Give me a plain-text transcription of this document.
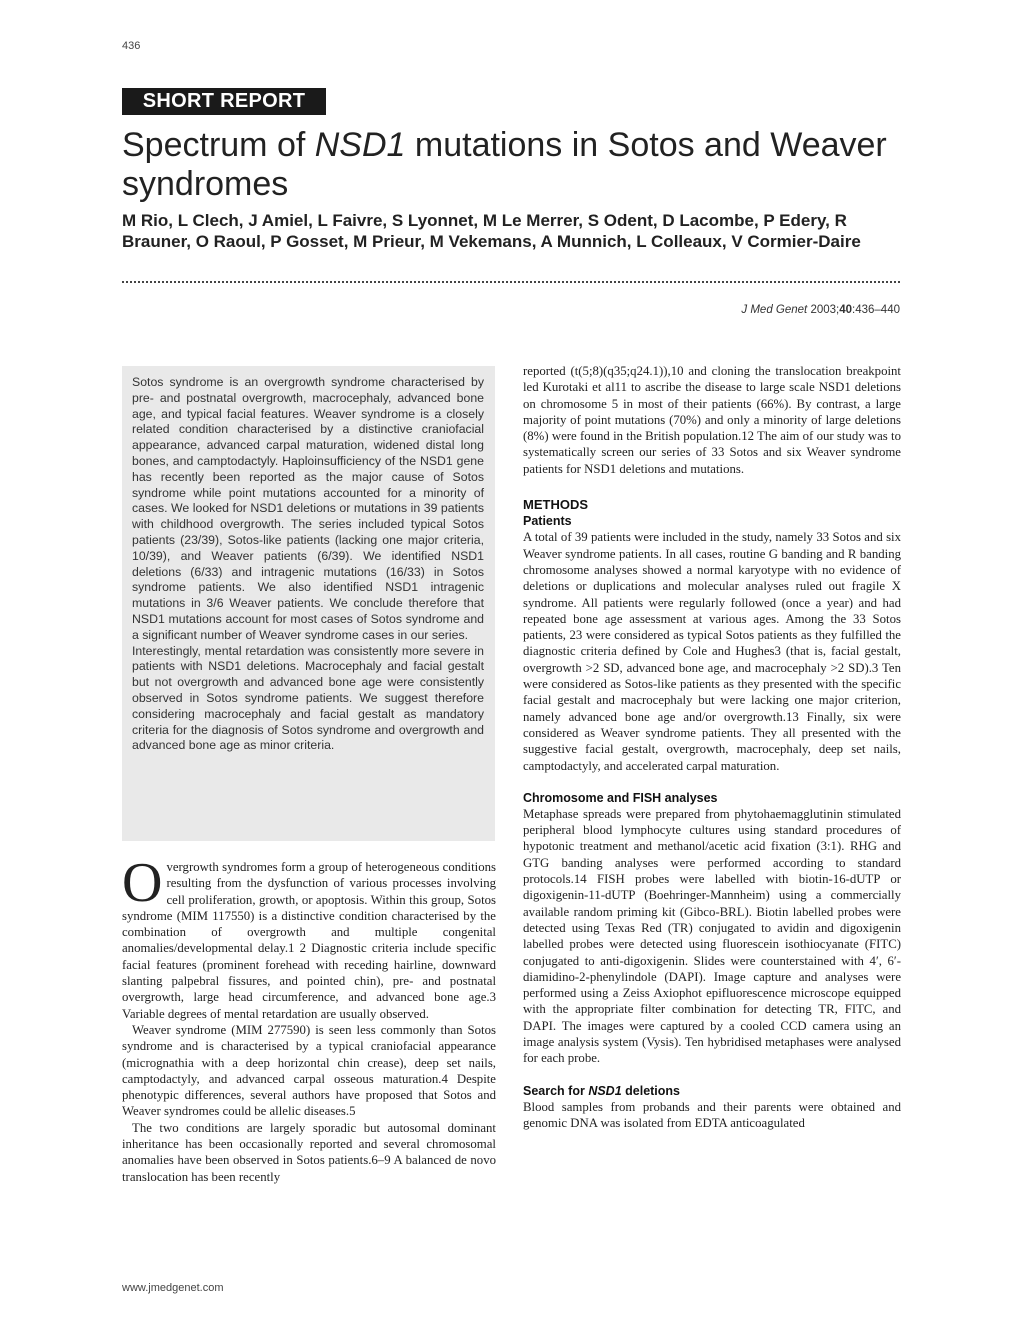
436
SHORT REPORT
Spectrum of NSD1 mutations in Sotos and Weaver syndromes
M Rio, L Clech, J Amiel, L Faivre, S Lyonnet, M Le Merrer, S Odent, D Lacombe, P Edery, R Brauner, O Raoul, P Gosset, M Prieur, M Vekemans, A Munnich, L Colleaux, V Cormier-Daire
J Med Genet 2003;40:436–440

Sotos syndrome is an overgrowth syndrome characterised by pre- and postnatal overgrowth, macrocephaly, advanced bone age, and typical facial features. Weaver syndrome is a closely related condition characterised by a distinctive craniofacial appearance, advanced carpal maturation, widened distal long bones, and camptodactyly. Haploinsufficiency of the NSD1 gene has recently been reported as the major cause of Sotos syndrome while point mutations accounted for a minority of cases. We looked for NSD1 deletions or mutations in 39 patients with childhood overgrowth. The series included typical Sotos patients (23/39), Sotos-like patients (lacking one major criteria, 10/39), and Weaver patients (6/39). We identified NSD1 deletions (6/33) and intragenic mutations (16/33) in Sotos syndrome patients. We also identified NSD1 intragenic mutations in 3/6 Weaver patients. We conclude therefore that NSD1 mutations account for most cases of Sotos syndrome and a significant number of Weaver syndrome cases in our series.

Interestingly, mental retardation was consistently more severe in patients with NSD1 deletions. Macrocephaly and facial gestalt but not overgrowth and advanced bone age were consistently observed in Sotos syndrome patients. We suggest therefore considering macrocephaly and facial gestalt as mandatory criteria for the diagnosis of Sotos syndrome and overgrowth and advanced bone age as minor criteria.

Overgrowth syndromes form a group of heterogeneous conditions resulting from the dysfunction of various processes involving cell proliferation, growth, or apoptosis. Within this group, Sotos syndrome (MIM 117550) is a distinctive condition characterised by the combination of overgrowth and multiple congenital anomalies/developmental delay.1 2 Diagnostic criteria include specific facial features (prominent forehead with receding hairline, downward slanting palpebral fissures, and pointed chin), pre- and postnatal overgrowth, large head circumference, and advanced bone age.3 Variable degrees of mental retardation are usually observed.

Weaver syndrome (MIM 277590) is seen less commonly than Sotos syndrome and is characterised by a typical craniofacial appearance (micrognathia with a deep horizontal chin crease), deep set nails, camptodactyly, and advanced carpal osseous maturation.4 Despite phenotypic differences, several authors have proposed that Sotos and Weaver syndromes could be allelic diseases.5

The two conditions are largely sporadic but autosomal dominant inheritance has been occasionally reported and several chromosomal anomalies have been observed in Sotos patients.6–9 A balanced de novo translocation has been recently

reported (t(5;8)(q35;q24.1)),10 and cloning the translocation breakpoint led Kurotaki et al11 to ascribe the disease to large scale NSD1 deletions on chromosome 5 in most of their patients (66%). By contrast, a large majority of point mutations (70%) and only a minority of large deletions (8%) were found in the British population.12 The aim of our study was to systematically screen our series of 33 Sotos and six Weaver syndrome patients for NSD1 deletions and mutations.

METHODS
Patients

A total of 39 patients were included in the study, namely 33 Sotos and six Weaver syndrome patients. In all cases, routine G banding and R banding chromosome analyses showed a normal karyotype with no evidence of deletions or duplications and molecular analyses ruled out fragile X syndrome. All patients were regularly followed (once a year) and had repeated bone age assessment at various ages. Among the 33 Sotos patients, 23 were considered as typical Sotos patients as they fulfilled the diagnostic criteria defined by Cole and Hughes3 (that is, facial gestalt, overgrowth >2 SD, advanced bone age, and macrocephaly >2 SD).3 Ten were considered as Sotos-like patients as they presented with the specific facial gestalt and macrocephaly but were lacking one major criterion, namely advanced bone age and/or overgrowth.13 Finally, six were considered as Weaver syndrome patients. They all presented with the suggestive facial gestalt, overgrowth, macrocephaly, deep set nails, camptodactyly, and accelerated carpal maturation.

Chromosome and FISH analyses

Metaphase spreads were prepared from phytohaemagglutinin stimulated peripheral blood lymphocyte cultures using standard procedures of hypotonic treatment and methanol/acetic acid fixation (3:1). RHG and GTG banding analyses were performed according to standard protocols.14 FISH probes were labelled with biotin-16-dUTP or digoxigenin-11-dUTP (Boehringer-Mannheim) using a commercially available random priming kit (Gibco-BRL). Biotin labelled probes were detected using Texas Red (TR) conjugated to avidin and digoxigenin labelled probes were detected using fluorescein isothiocyanate (FITC) conjugated to anti-digoxigenin. Slides were counterstained with 4′, 6′-diamidino-2-phenylindole (DAPI). Image capture and analyses were performed using a Zeiss Axiophot epifluorescence microscope equipped with the appropriate filter combination for detecting TR, FITC, and DAPI. The images were captured by a cooled CCD camera using an image analysis system (Vysis). Ten hybridised metaphases were analysed for each probe.

Search for NSD1 deletions

Blood samples from probands and their parents were obtained and genomic DNA was isolated from EDTA anticoagulated

www.jmedgenet.com
